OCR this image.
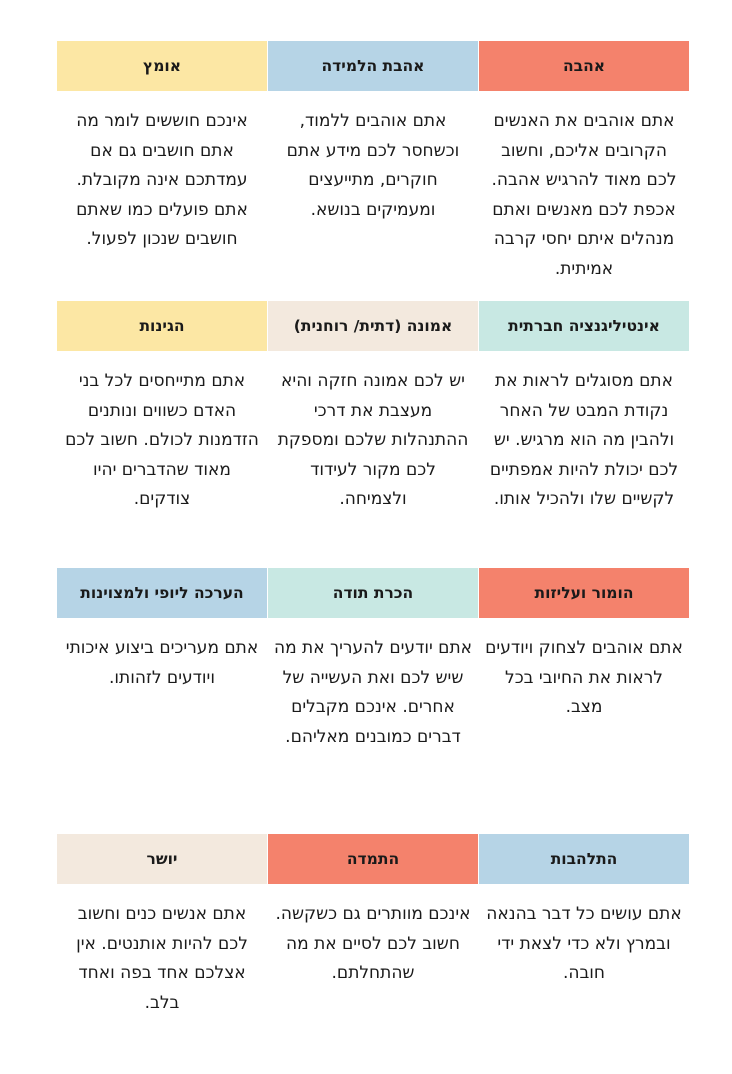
אהבה
אתם אוהבים את האנשים הקרובים אליכם, וחשוב לכם מאוד להרגיש אהבה. אכפת לכם מאנשים ואתם מנהלים איתם יחסי קרבה אמיתית.
אהבת הלמידה
אתם אוהבים ללמוד, וכשחסר לכם מידע אתם חוקרים, מתייעצים ומעמיקים בנושא.
אומץ
אינכם חוששים לומר מה אתם חושבים גם אם עמדתכם אינה מקובלת. אתם פועלים כמו שאתם חושבים שנכון לפעול.
אינטיליגנציה חברתית
אתם מסוגלים לראות את נקודת המבט של האחר ולהבין מה הוא מרגיש. יש לכם יכולת להיות אמפתיים לקשיים שלו ולהכיל אותו.
אמונה (דתית/ רוחנית)
יש לכם אמונה חזקה והיא מעצבת את דרכי ההתנהלות שלכם ומספקת לכם מקור לעידוד ולצמיחה.
הגינות
אתם מתייחסים לכל בני האדם כשווים ונותנים הזדמנות לכולם. חשוב לכם מאוד שהדברים יהיו צודקים.
הומור ועליזות
אתם אוהבים לצחוק ויודעים לראות את החיובי בכל מצב.
הכרת תודה
אתם יודעים להעריך את מה שיש לכם ואת העשייה של אחרים. אינכם מקבלים דברים כמובנים מאליהם.
הערכה ליופי ולמצוינות
אתם מעריכים ביצוע איכותי ויודעים לזהותו.
התלהבות
אתם עושים כל דבר בהנאה ובמרץ ולא כדי לצאת ידי חובה.
התמדה
אינכם מוותרים גם כשקשה. חשוב לכם לסיים את מה שהתחלתם.
יושר
אתם אנשים כנים וחשוב לכם להיות אותנטים. אין אצלכם אחד בפה ואחד בלב.
